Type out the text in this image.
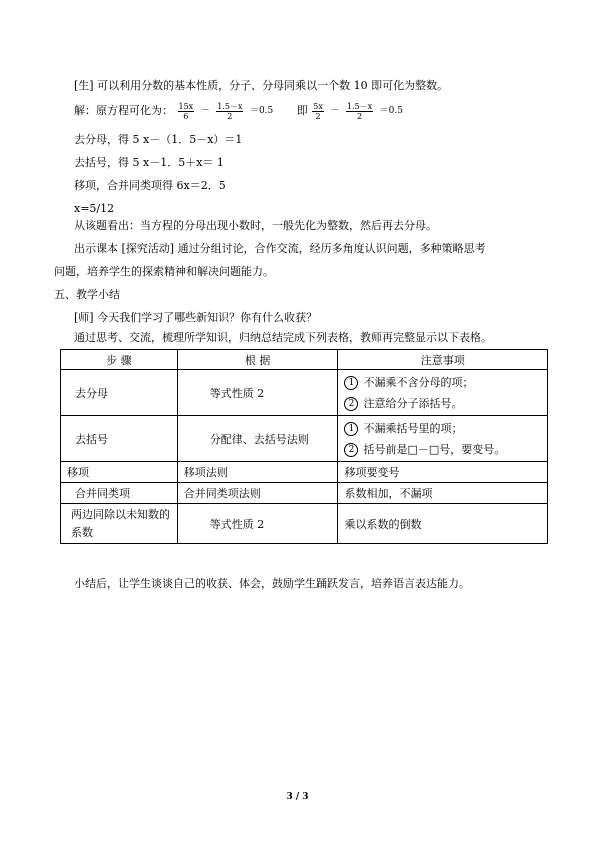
[生] 可以利用分数的基本性质，分子、分母同乘以一个数 10 即可化为整数。
解：原方程可化为： $\frac{15x}{6} - \frac{1.5-x}{2} =0.5$ 即 $\frac{5x}{2} - \frac{1.5-x}{2} =0.5$
去分母，得 5 x－（1．5－x）＝1
去括号，得 5 x－1．5＋x＝ 1
移项，合并同类项得 6x＝2．5
x=5/12
从该题看出：当方程的分母出现小数时，一般先化为整数，然后再去分母。
出示课本 [探究活动] 通过分组讨论，合作交流，经历多角度认识问题，多种策略思考
问题，培养学生的探索精神和解决问题能力。
五、教学小结
[师] 今天我们学习了哪些新知识？你有什么收获？
通过思考、交流，梳理所学知识，归纳总结完成下列表格，教师再完整显示以下表格。
步 骤	根 据	注意事项
去分母	等式性质 2	1 不漏乘不含分母的项；
2 注意给分子添括号。

去括号	分配律、去括号法则	1 不漏乘括号里的项；
2 括号前是□－□号，要变号。

移项	移项法则	移项要变号
合并同类项	合并同类项法则	系数相加，不漏项
两边同除以未知数的系数	等式性质 2	乘以系数的倒数
小结后，让学生谈谈自己的收获、体会，鼓励学生踊跃发言，培养语言表达能力。
3 / 3
